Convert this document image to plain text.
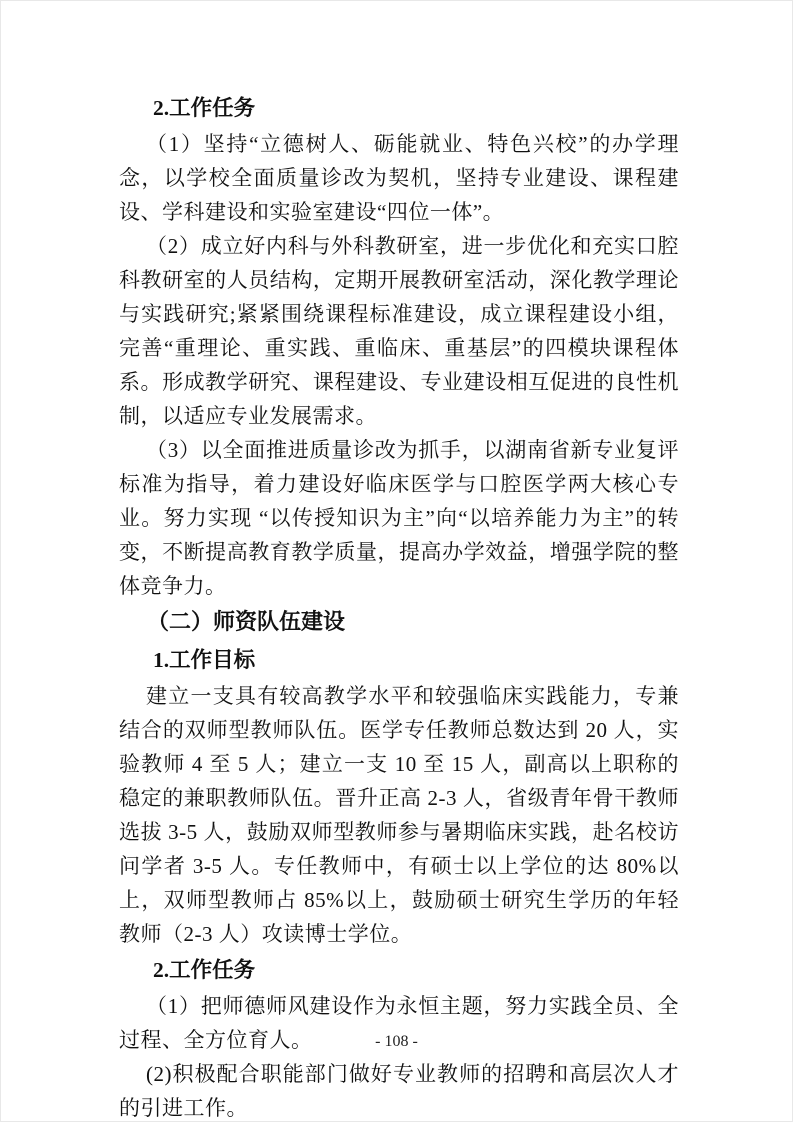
2.工作任务

（1）坚持“立德树人、砺能就业、特色兴校”的办学理念，以学校全面质量诊改为契机，坚持专业建设、课程建设、学科建设和实验室建设“四位一体”。

（2）成立好内科与外科教研室，进一步优化和充实口腔科教研室的人员结构，定期开展教研室活动，深化教学理论与实践研究;紧紧围绕课程标准建设，成立课程建设小组，完善“重理论、重实践、重临床、重基层”的四模块课程体系。形成教学研究、课程建设、专业建设相互促进的良性机制，以适应专业发展需求。

（3）以全面推进质量诊改为抓手，以湖南省新专业复评标准为指导，着力建设好临床医学与口腔医学两大核心专业。努力实现 “以传授知识为主”向“以培养能力为主”的转变，不断提高教育教学质量，提高办学效益，增强学院的整体竞争力。

（二）师资队伍建设

1.工作目标

建立一支具有较高教学水平和较强临床实践能力，专兼结合的双师型教师队伍。医学专任教师总数达到 20 人，实验教师 4 至 5 人；建立一支 10 至 15 人，副高以上职称的稳定的兼职教师队伍。晋升正高 2-3 人，省级青年骨干教师选拔 3-5 人，鼓励双师型教师参与暑期临床实践，赴名校访问学者 3-5 人。专任教师中，有硕士以上学位的达 80%以上，双师型教师占 85%以上，鼓励硕士研究生学历的年轻教师（2-3 人）攻读博士学位。

2.工作任务

（1）把师德师风建设作为永恒主题，努力实践全员、全过程、全方位育人。

(2)积极配合职能部门做好专业教师的招聘和高层次人才的引进工作。

- 108 -
